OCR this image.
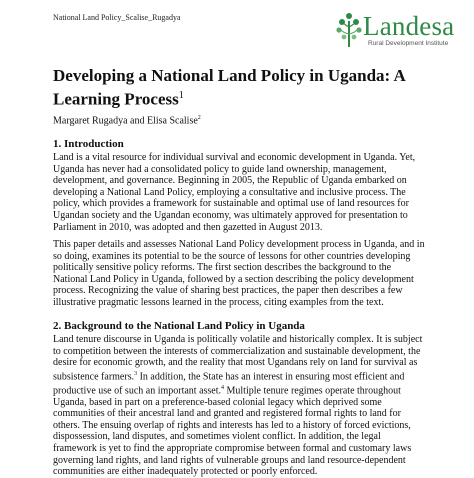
National Land Policy_Scalise_Rugadya	Landesa
Rural Development Institute
Developing a National Land Policy in Uganda: A Learning Process$^1$
Margaret Rugadya and Elisa Scalise$^2$
1. Introduction

Land is a vital resource for individual survival and economic development in Uganda. Yet,
Uganda has never had a consolidated policy to guide land ownership, management,
development, and governance. Beginning in 2005, the Republic of Uganda embarked on
developing a National Land Policy, employing a consultative and inclusive process. The
policy, which provides a framework for sustainable and optimal use of land resources for
Ugandan society and the Ugandan economy, was ultimately approved for presentation to
Parliament in 2010, was adopted and then gazetted in August 2013.

This paper details and assesses National Land Policy development process in Uganda, and in
so doing, examines its potential to be the source of lessons for other countries developing
politically sensitive policy reforms. The first section describes the background to the
National Land Policy in Uganda, followed by a section describing the policy development
process. Recognizing the value of sharing best practices, the paper then describes a few
illustrative pragmatic lessons learned in the process, citing examples from the text.

2. Background to the National Land Policy in Uganda

Land tenure discourse in Uganda is politically volatile and historically complex. It is subject
to competition between the interests of commercialization and sustainable development, the
desire for economic growth, and the reality that most Ugandans rely on land for survival as
subsistence farmers.$^3$ In addition, the State has an interest in ensuring most efficient and
productive use of such an important asset.$^4$ Multiple tenure regimes operate throughout
Uganda, based in part on a preference-based colonial legacy which deprived some
communities of their ancestral land and granted and registered formal rights to land for
others. The ensuing overlap of rights and interests has led to a history of forced evictions,
dispossession, land disputes, and sometimes violent conflict. In addition, the legal
framework is yet to find the appropriate compromise between formal and customary laws
governing land rights, and land rights of vulnerable groups and land resource-dependent
communities are either inadequately protected or poorly enforced.
